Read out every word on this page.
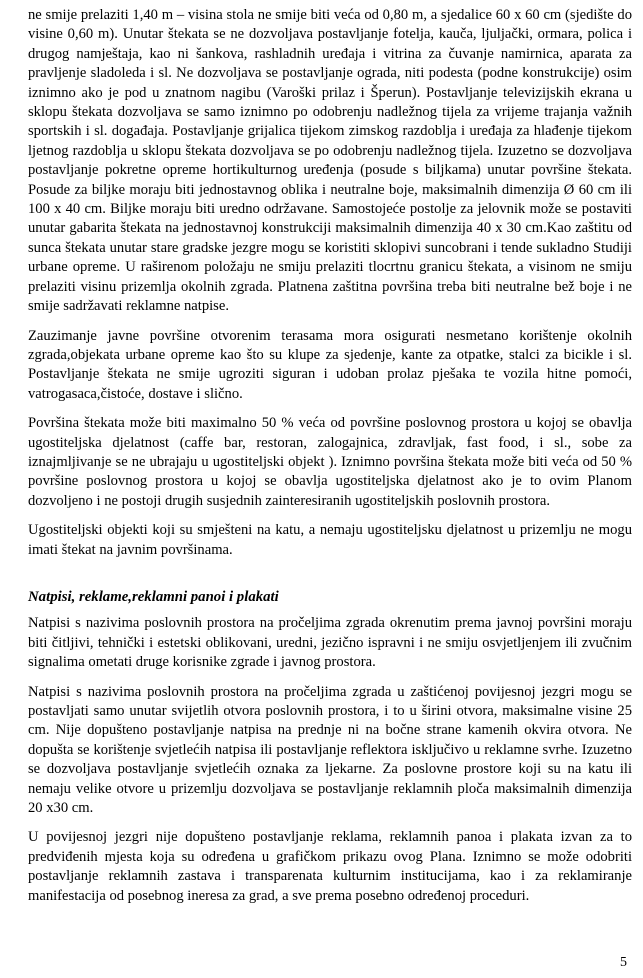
ne smije prelaziti 1,40 m – visina stola ne smije biti veća od 0,80 m, a sjedalice 60 x 60 cm (sjedište do visine 0,60 m). Unutar štekata se ne dozvoljava postavljanje fotelja, kauča, ljuljački, ormara, polica i drugog namještaja, kao ni šankova, rashladnih uređaja i vitrina za čuvanje namirnica, aparata za pravljenje sladoleda i sl. Ne dozvoljava se postavljanje ograda, niti podesta (podne konstrukcije) osim iznimno ako je pod u znatnom nagibu (Varoški prilaz i Šperun). Postavljanje televizijskih ekrana u sklopu štekata dozvoljava se samo iznimno po odobrenju nadležnog tijela za vrijeme trajanja važnih sportskih i sl. događaja. Postavljanje grijalica tijekom zimskog razdoblja i uređaja za hlađenje tijekom ljetnog razdoblja u sklopu štekata dozvoljava se po odobrenju nadležnog tijela. Izuzetno se dozvoljava postavljanje pokretne opreme hortikulturnog uređenja (posude s biljkama) unutar površine štekata. Posude za biljke moraju biti jednostavnog oblika i neutralne boje, maksimalnih dimenzija Ø 60 cm ili 100 x 40 cm. Biljke moraju biti uredno održavane. Samostojeće postolje za jelovnik može se postaviti unutar gabarita štekata na jednostavnoj konstrukciji maksimalnih dimenzija 40 x 30 cm.Kao zaštitu od sunca štekata unutar stare gradske jezgre mogu se koristiti sklopivi suncobrani i tende sukladno Studiji urbane opreme. U raširenom položaju ne smiju prelaziti tlocrtnu granicu štekata, a visinom ne smiju prelaziti visinu prizemlja okolnih zgrada. Platnena zaštitna površina treba biti neutralne bež boje i ne smije sadržavati reklamne natpise.

Zauzimanje javne površine otvorenim terasama mora osigurati nesmetano korištenje okolnih zgrada,objekata urbane opreme kao što su klupe za sjedenje, kante za otpatke, stalci za bicikle i sl. Postavljanje štekata ne smije ugroziti siguran i udoban prolaz pješaka te vozila hitne pomoći, vatrogasaca,čistoće, dostave i slično.

Površina štekata može biti maximalno 50 % veća od površine poslovnog prostora u kojoj se obavlja ugostiteljska djelatnost (caffe bar, restoran, zalogajnica, zdravljak, fast food, i sl., sobe za iznajmljivanje se ne ubrajaju u ugostiteljski objekt ). Iznimno površina štekata može biti veća od 50 % površine poslovnog prostora u kojoj se obavlja ugostiteljska djelatnost ako je to ovim Planom dozvoljeno i ne postoji drugih susjednih zainteresiranih ugostiteljskih poslovnih prostora.

Ugostiteljski objekti koji su smješteni na katu, a nemaju ugostiteljsku djelatnost u prizemlju ne mogu imati štekat na javnim površinama.

Natpisi, reklame,reklamni panoi i plakati

Natpisi s nazivima poslovnih prostora na pročeljima zgrada okrenutim prema javnoj površini moraju biti čitljivi, tehnički i estetski oblikovani, uredni, jezično ispravni i ne smiju osvjetljenjem ili zvučnim signalima ometati druge korisnike zgrade i javnog prostora.

Natpisi s nazivima poslovnih prostora na pročeljima zgrada u zaštićenoj povijesnoj jezgri mogu se postavljati samo unutar svijetlih otvora poslovnih prostora, i to u širini otvora, maksimalne visine 25 cm. Nije dopušteno postavljanje natpisa na prednje ni na bočne strane kamenih okvira otvora. Ne dopušta se korištenje svjetlećih natpisa ili postavljanje reflektora isključivo u reklamne svrhe. Izuzetno se dozvoljava postavljanje svjetlećih oznaka za ljekarne. Za poslovne prostore koji su na katu ili nemaju velike otvore u prizemlju dozvoljava se postavljanje reklamnih ploča maksimalnih dimenzija 20 x30 cm.

U povijesnoj jezgri nije dopušteno postavljanje reklama, reklamnih panoa i plakata izvan za to predviđenih mjesta koja su određena u grafičkom prikazu ovog Plana. Iznimno se može odobriti postavljanje reklamnih zastava i transparenata kulturnim institucijama, kao i za reklamiranje manifestacija od posebnog ineresa za grad, a sve prema posebno određenoj proceduri.

5
